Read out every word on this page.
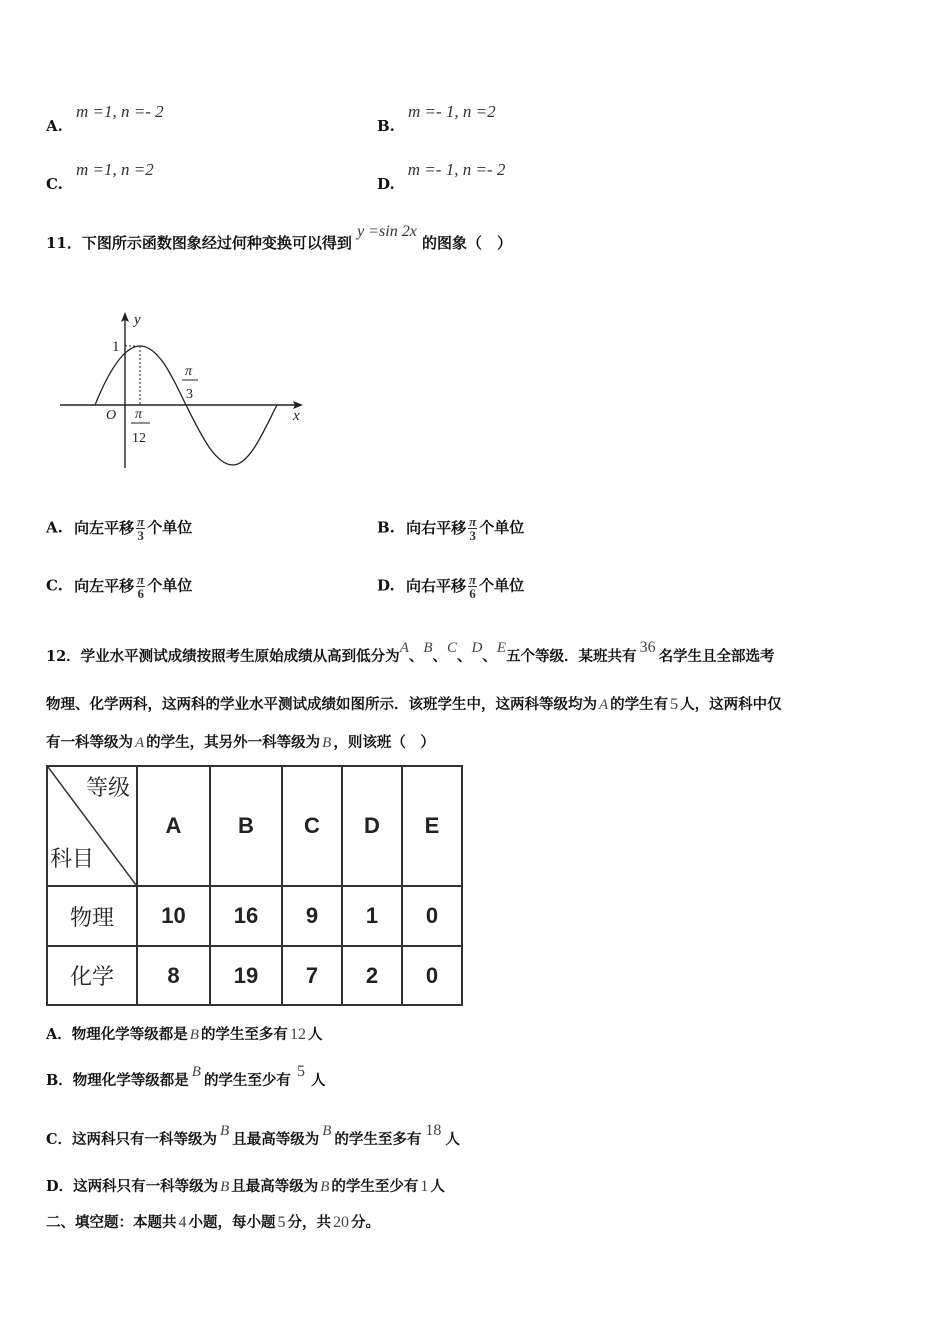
A. m =1, n =- 2
B. m =- 1, n =2
C. m =1, n =2
D. m =- 1, n =- 2
11．下图所示函数图象经过何种变换可以得到 y =sin 2x 的图象（　）
y
x
O
1
π
12
π
3
A. 向左平移 $\frac{\pi}{3}$ 个单位	B. 向右平移 $\frac{\pi}{3}$ 个单位
C. 向左平移 $\frac{\pi}{6}$ 个单位	D. 向右平移 $\frac{\pi}{6}$ 个单位
12．学业水平测试成绩按照考生原始成绩从高到低分为A、B、C、D、E五个等级．某班共有36名学生且全部选考
物理、化学两科，这两科的学业水平测试成绩如图所示．该班学生中，这两科等级均为 A 的学生有 5 人，这两科中仅
有一科等级为 A 的学生，其另外一科等级为 B ，则该班（　）
等级
科目	A	B	C	D	E
物理	10	16	9	1	0
化学	8	19	7	2	0
A．物理化学等级都是 B 的学生至多有 12 人
B．物理化学等级都是 B 的学生至少有5人
C．这两科只有一科等级为 B 且最高等级为 B 的学生至多有18人
D．这两科只有一科等级为 B 且最高等级为 B 的学生至少有 1 人
二、填空题：本题共 4 小题，每小题 5 分，共 20 分。
